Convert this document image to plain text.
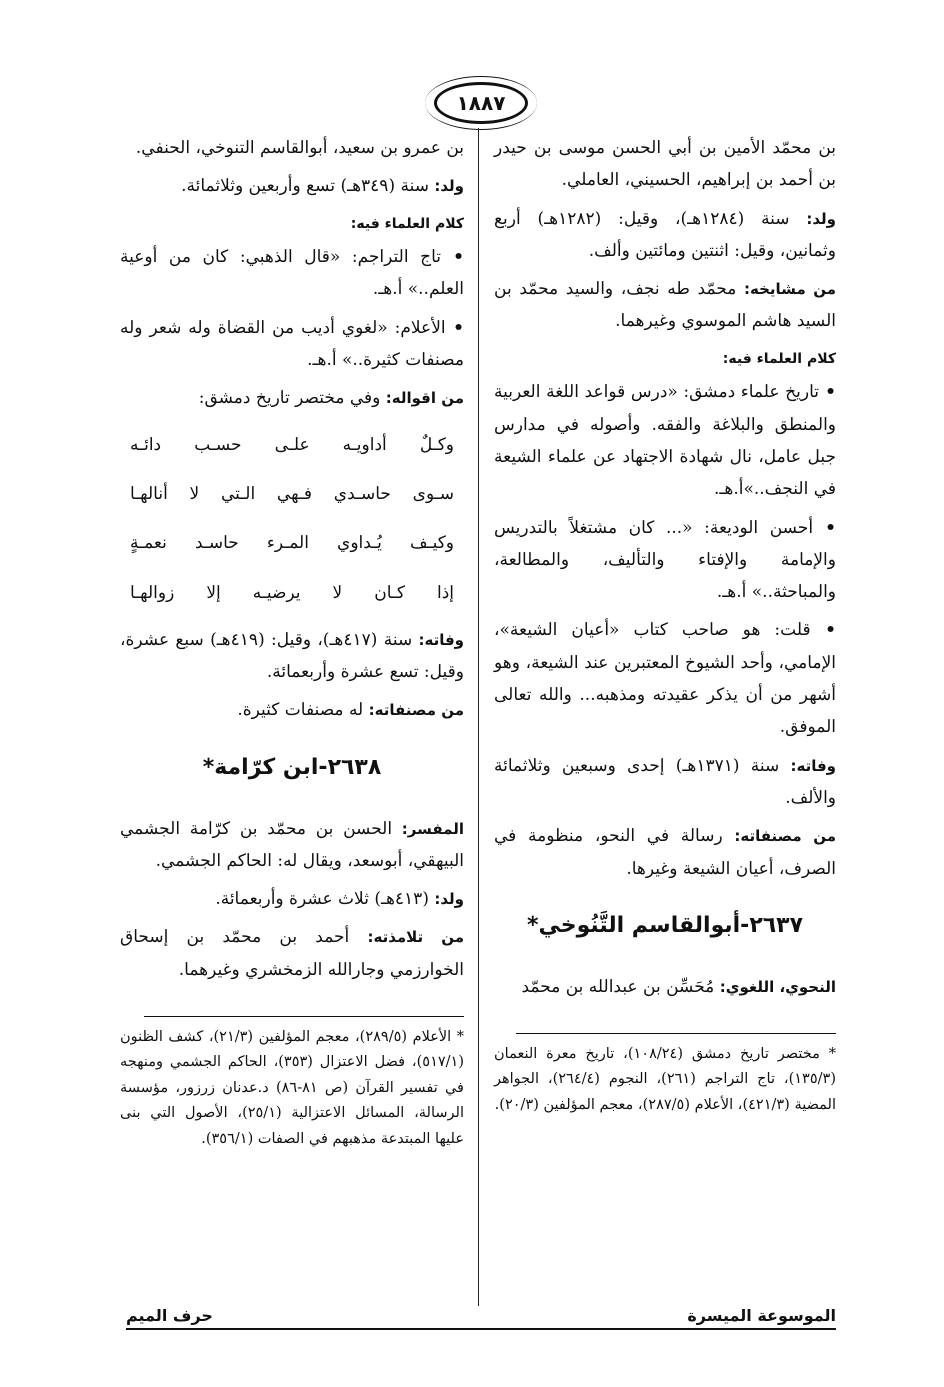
١٨٨٧

بن محمّد الأمين بن أبي الحسن موسى بن حيدر بن أحمد بن إبراهيم، الحسيني، العاملي.

ولد: سنة (١٢٨٤هـ)، وقيل: (١٢٨٢هـ) أربع وثمانين، وقيل: اثنتين ومائتين وألف.

من مشايخه: محمّد طه نجف، والسيد محمّد بن السيد هاشم الموسوي وغيرهما.

كلام العلماء فيه:

• تاريخ علماء دمشق: «درس قواعد اللغة العربية والمنطق والبلاغة والفقه. وأصوله في مدارس جبل عامل، نال شهادة الاجتهاد عن علماء الشيعة في النجف..»أ.هـ.

• أحسن الوديعة: «... كان مشتغلاً بالتدريس والإمامة والإفتاء والتأليف، والمطالعة، والمباحثة..» أ.هـ.

• قلت: هو صاحب كتاب «أعيان الشيعة»، الإمامي، وأحد الشيوخ المعتبرين عند الشيعة، وهو أشهر من أن يذكر عقيدته ومذهبه... والله تعالى الموفق.

وفاته: سنة (١٣٧١هـ) إحدى وسبعين وثلاثمائة والألف.

من مصنفاته: رسالة في النحو، منظومة في الصرف، أعيان الشيعة وغيرها.

٢٦٣٧-أبوالقاسم التَّنُوخي*

النحوي، اللغوي: مُحَسِّن بن عبدالله بن محمّد

* مختصر تاريخ دمشق (١٠٨/٢٤)، تاريخ معرة النعمان (١٣٥/٣)، تاج التراجم (٢٦١)، النجوم (٢٦٤/٤)، الجواهر المضية (٤٢١/٣)، الأعلام (٢٨٧/٥)، معجم المؤلفين (٢٠/٣).

بن عمرو بن سعيد، أبوالقاسم التنوخي، الحنفي.

ولد: سنة (٣٤٩هـ) تسع وأربعين وثلاثمائة.

كلام العلماء فيه:

• تاج التراجم: «قال الذهبي: كان من أوعية العلم..» أ.هـ.

• الأعلام: «لغوي أديب من القضاة وله شعر وله مصنفات كثيرة..» أ.هـ.

من اقواله: وفي مختصر تاريخ دمشق:

وكـلٌ أداويـه علـى حسـب دائـه
سـوى حاسـدي فـهي الـتي لا أنالهـا
وكيـف يُـداوي المـرء حاسـد نعمـةٍ
إذا كـان لا يرضيـه إلا زوالهـا

وفاته: سنة (٤١٧هـ)، وقيل: (٤١٩هـ) سبع عشرة، وقيل: تسع عشرة وأربعمائة.

من مصنفاته: له مصنفات كثيرة.

٢٦٣٨-ابن كرّامة*

المفسر: الحسن بن محمّد بن كرّامة الجشمي البيهقي، أبوسعد، ويقال له: الحاكم الجشمي.

ولد: (٤١٣هـ) ثلاث عشرة وأربعمائة.

من تلامذته: أحمد بن محمّد بن إسحاق الخوارزمي وجارالله الزمخشري وغيرهما.

* الأعلام (٢٨٩/٥)، معجم المؤلفين (٢١/٣)، كشف الظنون (٥١٧/١)، فضل الاعتزال (٣٥٣)، الحاكم الجشمي ومنهجه في تفسير القرآن (ص ٨١-٨٦) د.عدنان زرزور، مؤسسة الرسالة، المسائل الاعتزالية (٢٥/١)، الأصول التي بنى عليها المبتدعة مذهبهم في الصفات (٣٥٦/١).
الموسوعة الميسرة
حرف الميم
